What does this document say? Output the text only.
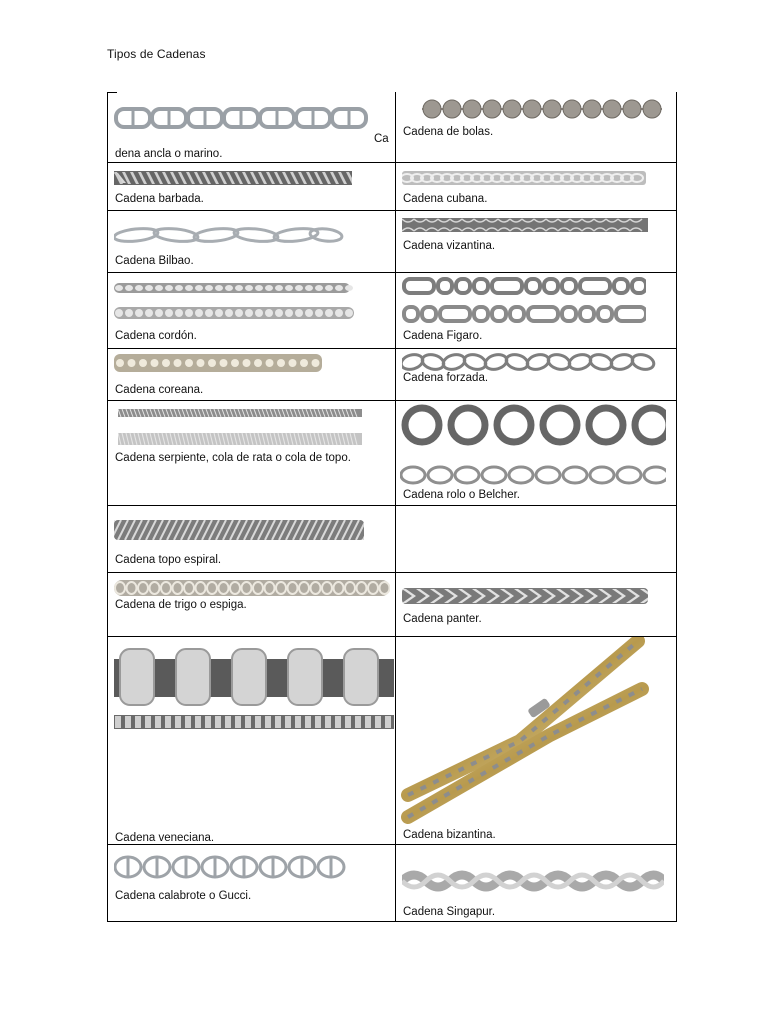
Tipos de Cadenas
Ca
dena ancla o marino.
Cadena barbada.
Cadena Bilbao.
Cadena cordón.
Cadena coreana.
Cadena serpiente, cola de rata o cola de topo.
Cadena topo espiral.
Cadena de trigo o espiga.
Cadena veneciana.
Cadena calabrote o Gucci.
Cadena de bolas.
Cadena cubana.
Cadena vizantina.
Cadena Figaro.
Cadena forzada.
Cadena rolo o Belcher.
Cadena panter.
Cadena bizantina.
Cadena Singapur.
